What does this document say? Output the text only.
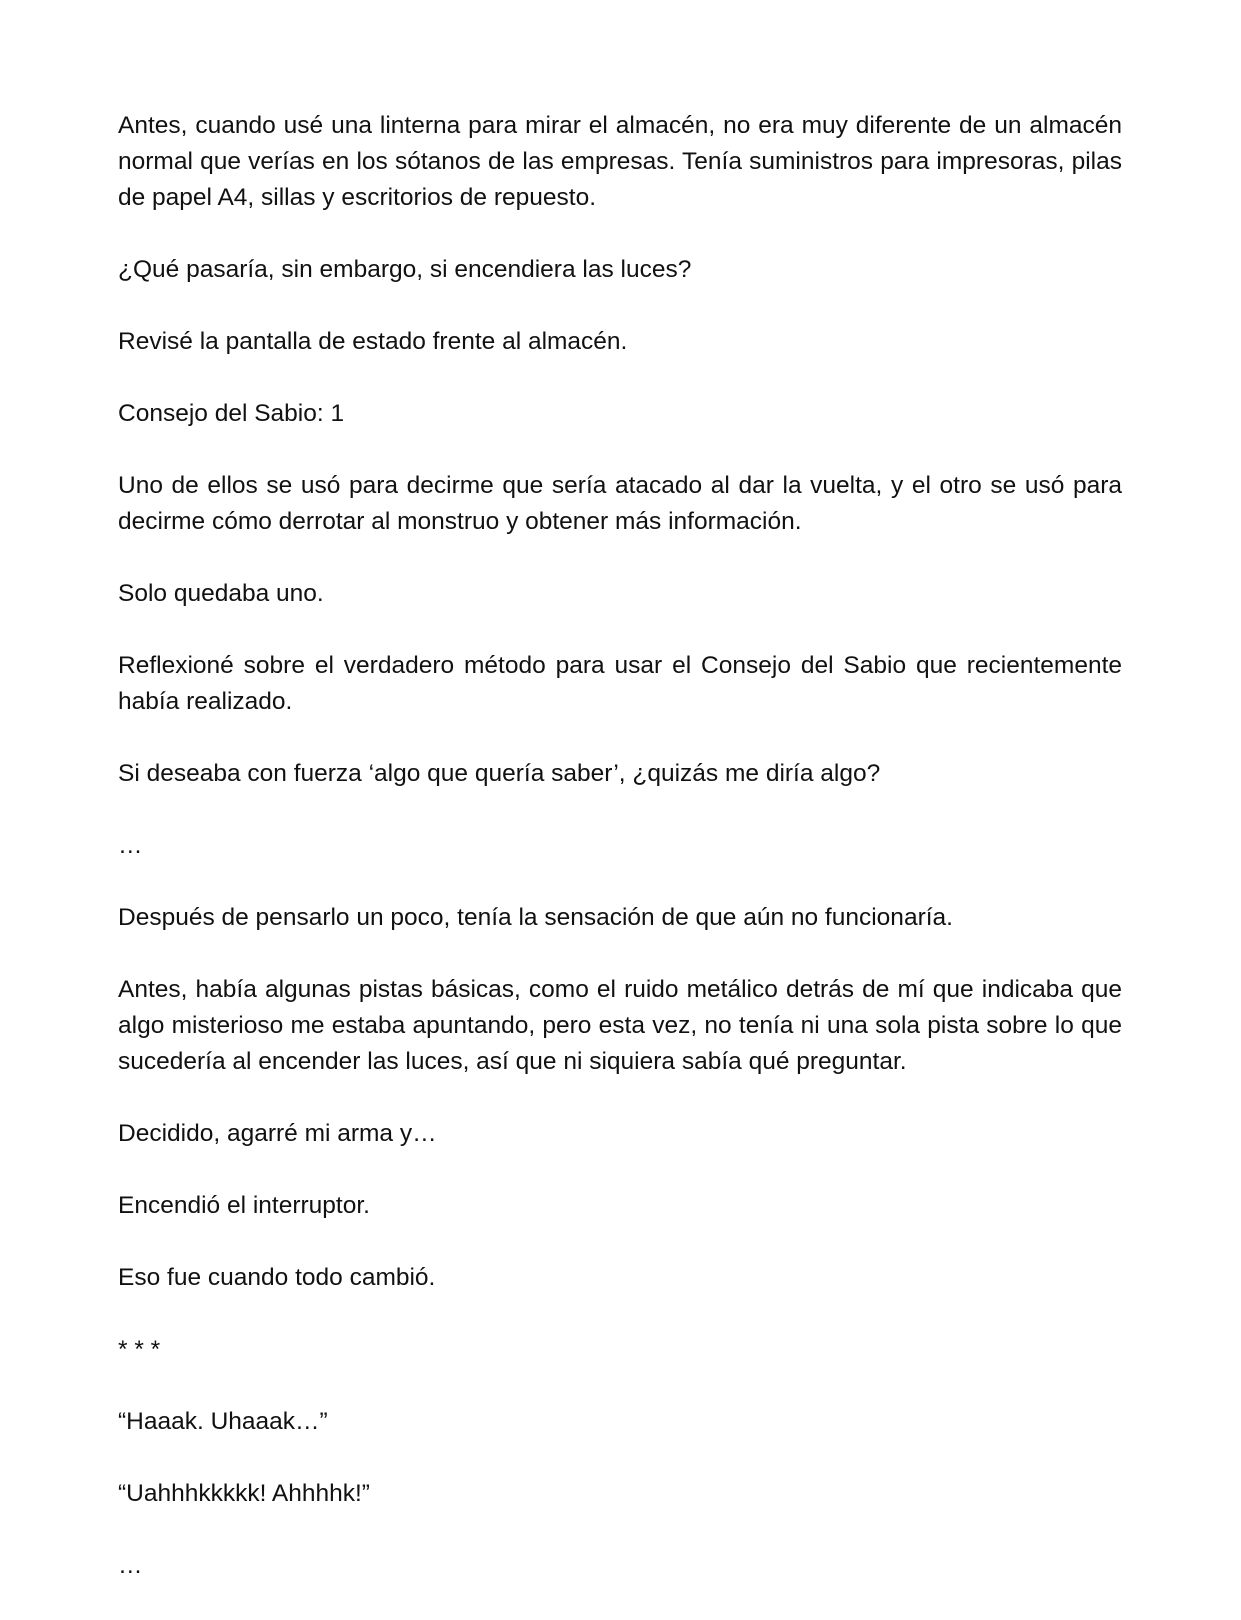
Antes, cuando usé una linterna para mirar el almacén, no era muy diferente de un almacén normal que verías en los sótanos de las empresas. Tenía suministros para impresoras, pilas de papel A4, sillas y escritorios de repuesto.

¿Qué pasaría, sin embargo, si encendiera las luces?

Revisé la pantalla de estado frente al almacén.

Consejo del Sabio: 1

Uno de ellos se usó para decirme que sería atacado al dar la vuelta, y el otro se usó para decirme cómo derrotar al monstruo y obtener más información.

Solo quedaba uno.

Reflexioné sobre el verdadero método para usar el Consejo del Sabio que recientemente había realizado.

Si deseaba con fuerza ‘algo que quería saber’, ¿quizás me diría algo?

…

Después de pensarlo un poco, tenía la sensación de que aún no funcionaría.

Antes, había algunas pistas básicas, como el ruido metálico detrás de mí que indicaba que algo misterioso me estaba apuntando, pero esta vez, no tenía ni una sola pista sobre lo que sucedería al encender las luces, así que ni siquiera sabía qué preguntar.

Decidido, agarré mi arma y…

Encendió el interruptor.

Eso fue cuando todo cambió.

* * *

“Haaak. Uhaaak…”

“Uahhhkkkkk! Ahhhhk!”

…
